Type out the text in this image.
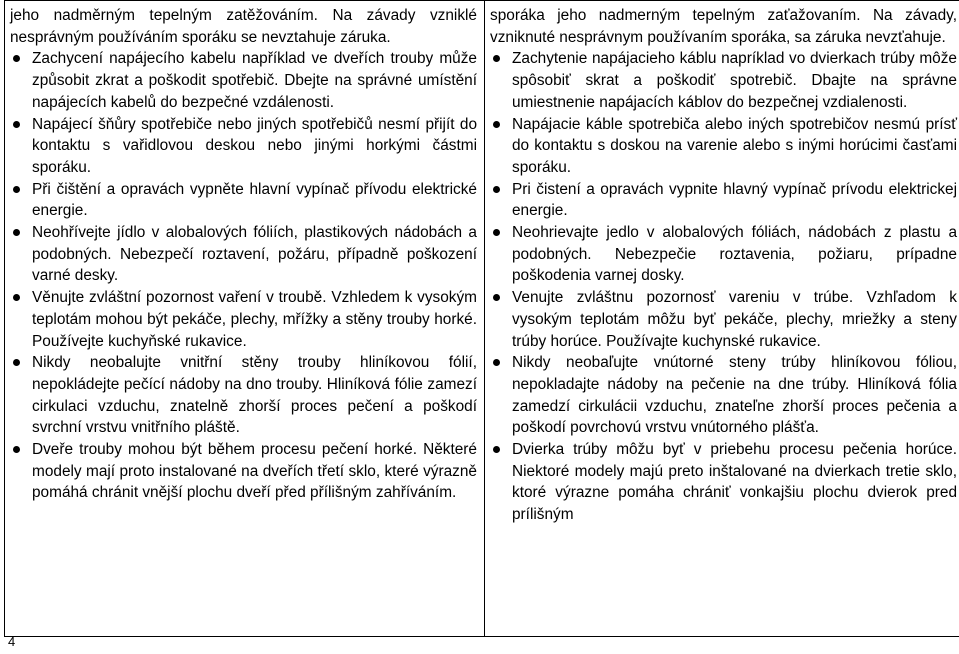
jeho nadměrným tepelným zatěžováním. Na závady vzniklé nesprávným používáním sporáku se nevztahuje záruka.

Zachycení napájecího kabelu například ve dveřích trouby může způsobit zkrat a poškodit spotřebič. Dbejte na správné umístění napájecích kabelů do bezpečné vzdálenosti.
Napájecí šňůry spotřebiče nebo jiných spotřebičů nesmí přijít do kontaktu s vařidlovou deskou nebo jinými horkými částmi sporáku.
Při čištění a opravách vypněte hlavní vypínač přívodu elektrické energie.
Neohřívejte jídlo v alobalových fóliích, plastikových nádobách a podobných. Nebezpečí roztavení, požáru, případně poškození varné desky.
Věnujte zvláštní pozornost vaření v troubě. Vzhledem k vysokým teplotám mohou být pekáče, plechy, mřížky a stěny trouby horké. Používejte kuchyňské rukavice.
Nikdy neobalujte vnitřní stěny trouby hliníkovou fólií, nepokládejte pečící nádoby na dno trouby. Hliníková fólie zamezí cirkulaci vzduchu, znatelně zhorší proces pečení a poškodí svrchní vrstvu vnitřního pláště.
Dveře trouby mohou být během procesu pečení horké. Některé modely mají proto instalované na dveřích třetí sklo, které výrazně pomáhá chránit vnější plochu dveří před přílišným zahříváním.

sporáka jeho nadmerným tepelným zaťažovaním. Na závady, vzniknuté nesprávnym používaním sporáka, sa záruka nevzťahuje.

Zachytenie napájacieho káblu napríklad vo dvierkach trúby môže spôsobiť skrat a poškodiť spotrebič. Dbajte na správne umiestnenie napájacích káblov do bezpečnej vzdialenosti.
Napájacie káble spotrebiča alebo iných spotrebičov nesmú prísť do kontaktu s doskou na varenie alebo s inými horúcimi časťami sporáku.
Pri čistení a opravách vypnite hlavný vypínač prívodu elektrickej energie.
Neohrievajte jedlo v alobalových fóliách, nádobách z plastu a podobných. Nebezpečie roztavenia, požiaru, prípadne poškodenia varnej dosky.
Venujte zvláštnu pozornosť vareniu v trúbe. Vzhľadom k vysokým teplotám môžu byť pekáče, plechy, mriežky a steny trúby horúce. Používajte kuchynské rukavice.
Nikdy neobaľujte vnútorné steny trúby hliníkovou fóliou, nepokladajte nádoby na pečenie na dne trúby. Hliníková fólia zamedzí cirkulácii vzduchu, znateľne zhorší proces pečenia a poškodí povrchovú vrstvu vnútorného plášťa.
Dvierka trúby môžu byť v priebehu procesu pečenia horúce. Niektoré modely majú preto inštalované na dvierkach tretie sklo, ktoré výrazne pomáha chrániť vonkajšiu plochu dvierok pred prílišným
4
